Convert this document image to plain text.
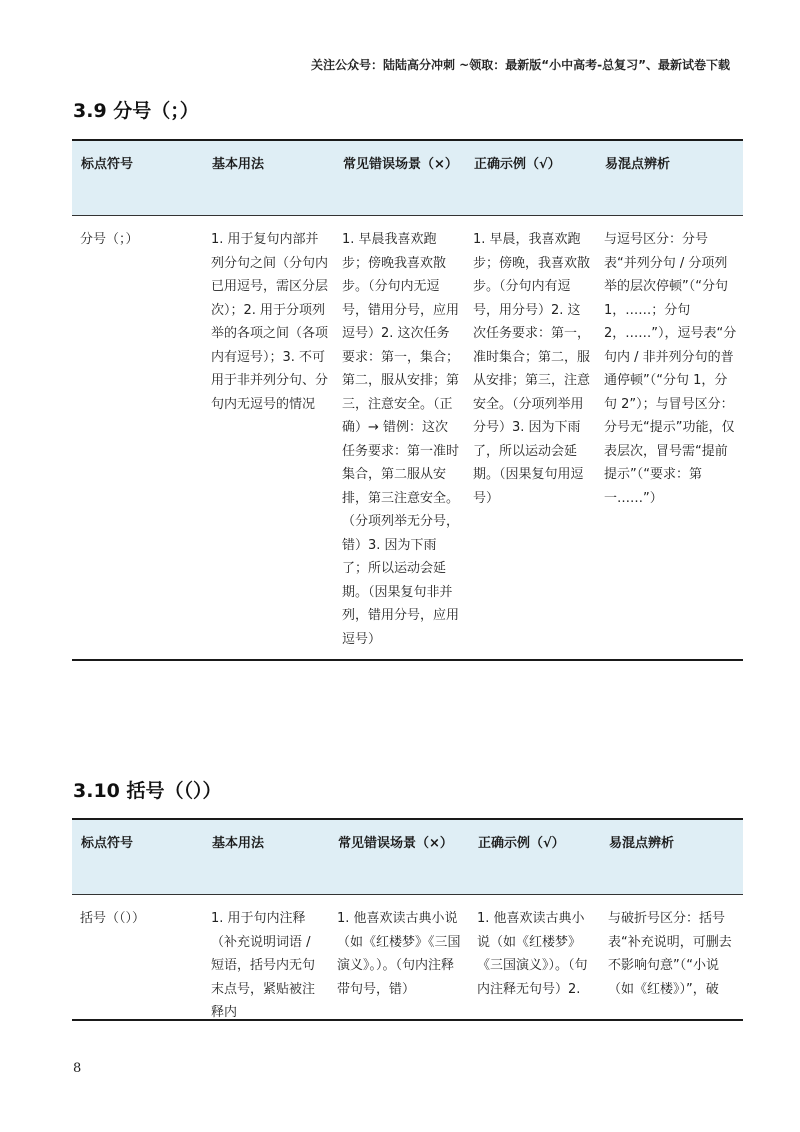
关注公众号：陆陆高分冲刺 ~领取：最新版“小中高考-总复习”、最新试卷下载
3.9 分号（；）
标点符号	基本用法	常见错误场景（×）	正确示例（√）	易混点辨析
分号（；）	1. 用于复句内部并列分句之间（分句内已用逗号，需区分层次）；2. 用于分项列举的各项之间（各项内有逗号）；3. 不可用于非并列分句、分句内无逗号的情况	1. 早晨我喜欢跑步；傍晚我喜欢散步。（分句内无逗号，错用分号，应用逗号）2. 这次任务要求：第一，集合；第二，服从安排；第三，注意安全。（正确）→ 错例：这次任务要求：第一准时集合，第二服从安排，第三注意安全。（分项列举无分号，错）3. 因为下雨了；所以运动会延期。（因果复句非并列，错用分号，应用逗号）	1. 早晨，我喜欢跑步；傍晚，我喜欢散步。（分句内有逗号，用分号）2. 这次任务要求：第一，准时集合；第二，服从安排；第三，注意安全。（分项列举用分号）3. 因为下雨了，所以运动会延期。（因果复句用逗号）	与逗号区分：分号表“并列分句 / 分项列举的层次停顿”（“分句 1，……；分句 2，……”），逗号表“分句内 / 非并列分句的普通停顿”（“分句 1，分句 2”）；与冒号区分：分号无“提示”功能，仅表层次，冒号需“提前提示”（“要求：第一……”）
3.10 括号（（））
标点符号	基本用法	常见错误场景（×）	正确示例（√）	易混点辨析

括号（（））	1. 用于句内注释（补充说明词语 / 短语，括号内无句末点号，紧贴被注释内	1. 他喜欢读古典小说（如《红楼梦》《三国演义》。）。（句内注释带句号，错）	1. 他喜欢读古典小说（如《红楼梦》《三国演义》）。（句内注释无句号）2.	与破折号区分：括号表“补充说明，可删去不影响句意”（“小说（如《红楼》）”，破
8
